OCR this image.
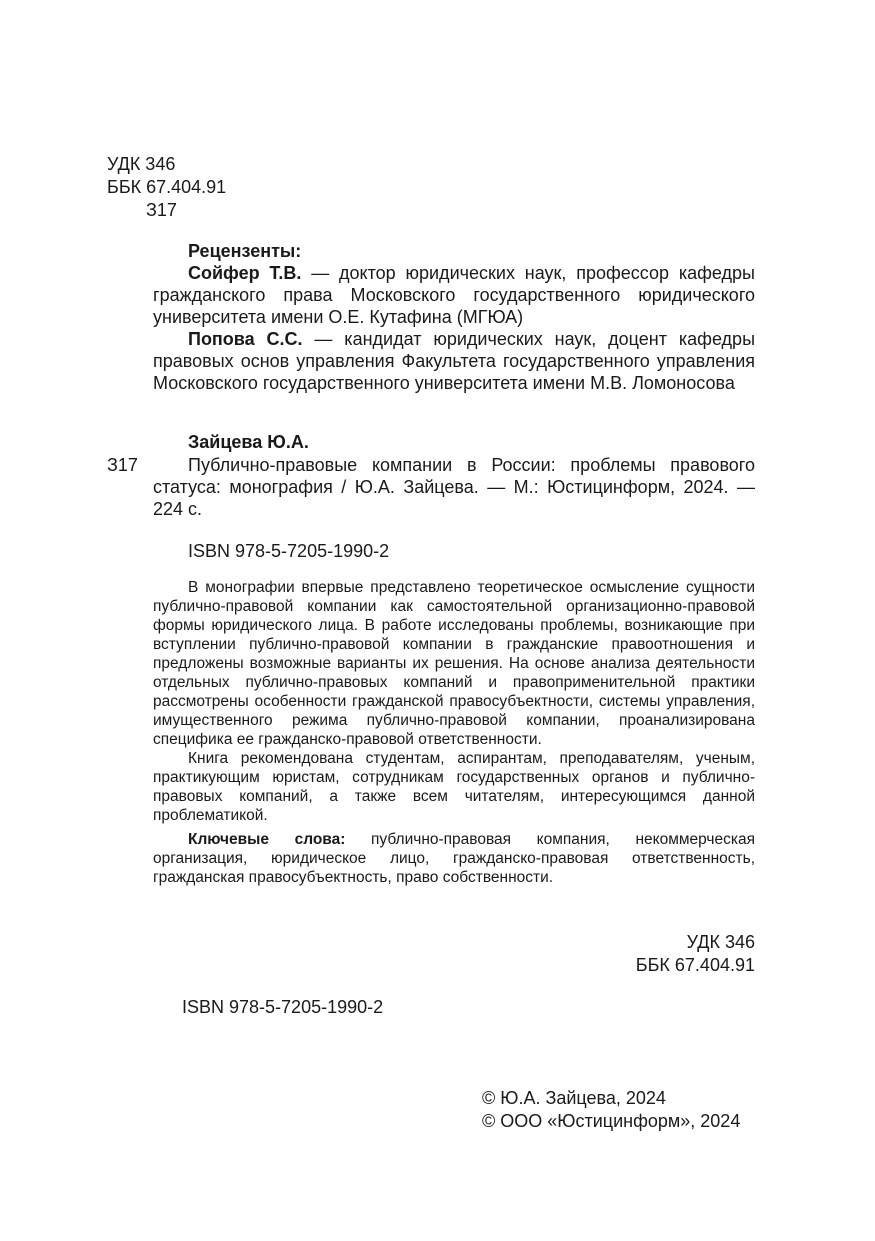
УДК 346
ББК 67.404.91
З17

Рецензенты:

Сойфер Т.В. — доктор юридических наук, профессор кафедры гражданского права Московского государственного юридического университета имени О.Е. Кутафина (МГЮА)

Попова С.С. — кандидат юридических наук, доцент кафедры правовых основ управления Факультета государственного управления Московского государственного университета имени М.В. Ломоносова

Зайцева Ю.А.
З17	Публично-правовые компании в России: проблемы правового статуса: монография / Ю.А. Зайцева. — М.: Юстицинформ, 2024. — 224 с.
ISBN 978-5-7205-1990-2

В монографии впервые представлено теоретическое осмысление сущности публично-правовой компании как самостоятельной организационно-правовой формы юридического лица. В работе исследованы проблемы, возникающие при вступлении публично-правовой компании в гражданские правоотношения и предложены возможные варианты их решения. На основе анализа деятельности отдельных публично-правовых компаний и правоприменительной практики рассмотрены особенности гражданской правосубъектности, системы управления, имущественного режима публично-правовой компании, проанализирована специфика ее гражданско-правовой ответственности.

Книга рекомендована студентам, аспирантам, преподавателям, ученым, практикующим юристам, сотрудникам государственных органов и публично-правовых компаний, а также всем читателям, интересующимся данной проблематикой.

Ключевые слова: публично-правовая компания, некоммерческая организация, юридическое лицо, гражданско-правовая ответственность, гражданская правосубъектность, право собственности.

УДК 346
ББК 67.404.91
ISBN 978-5-7205-1990-2
© Ю.А. Зайцева, 2024
© ООО «Юстицинформ», 2024
